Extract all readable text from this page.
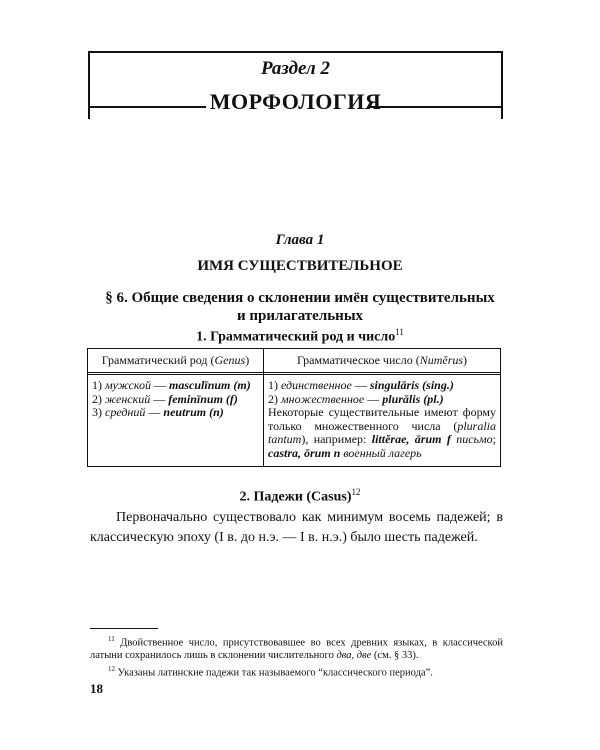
Раздел 2
МОРФОЛОГИЯ
Глава 1
ИМЯ СУЩЕСТВИТЕЛЬНОЕ
§ 6. Общие сведения о склонении имён существительных
и прилагательных
1. Грамматический род и число$^{11}$
Грамматический род (Genus)	Грамматическое число (Numĕrus)
1) мужской — masculīnum (m)
2) женский — feminīnum (f)
3) средний — neutrum (n)
1) единственное — singulāris (sing.)
2) множественное — plurālis (pl.)
Некоторые существительные имеют форму только множественного числа (pluralia tantum), например: littĕrae, ārum f письмо; castra, ōrum n военный лагерь
2. Падежи (Casus)$^{12}$
Первоначально существовало как минимум восемь падежей; в классическую эпоху (I в. до н.э. — I в. н.э.) было шесть падежей.

$^{11}$ Двойственное число, присутствовавшее во всех древних языках, в классической латыни сохранилось лишь в склонении числительного два, две (см. § 33).

$^{12}$ Указаны латинские падежи так называемого “классического периода”.

18
